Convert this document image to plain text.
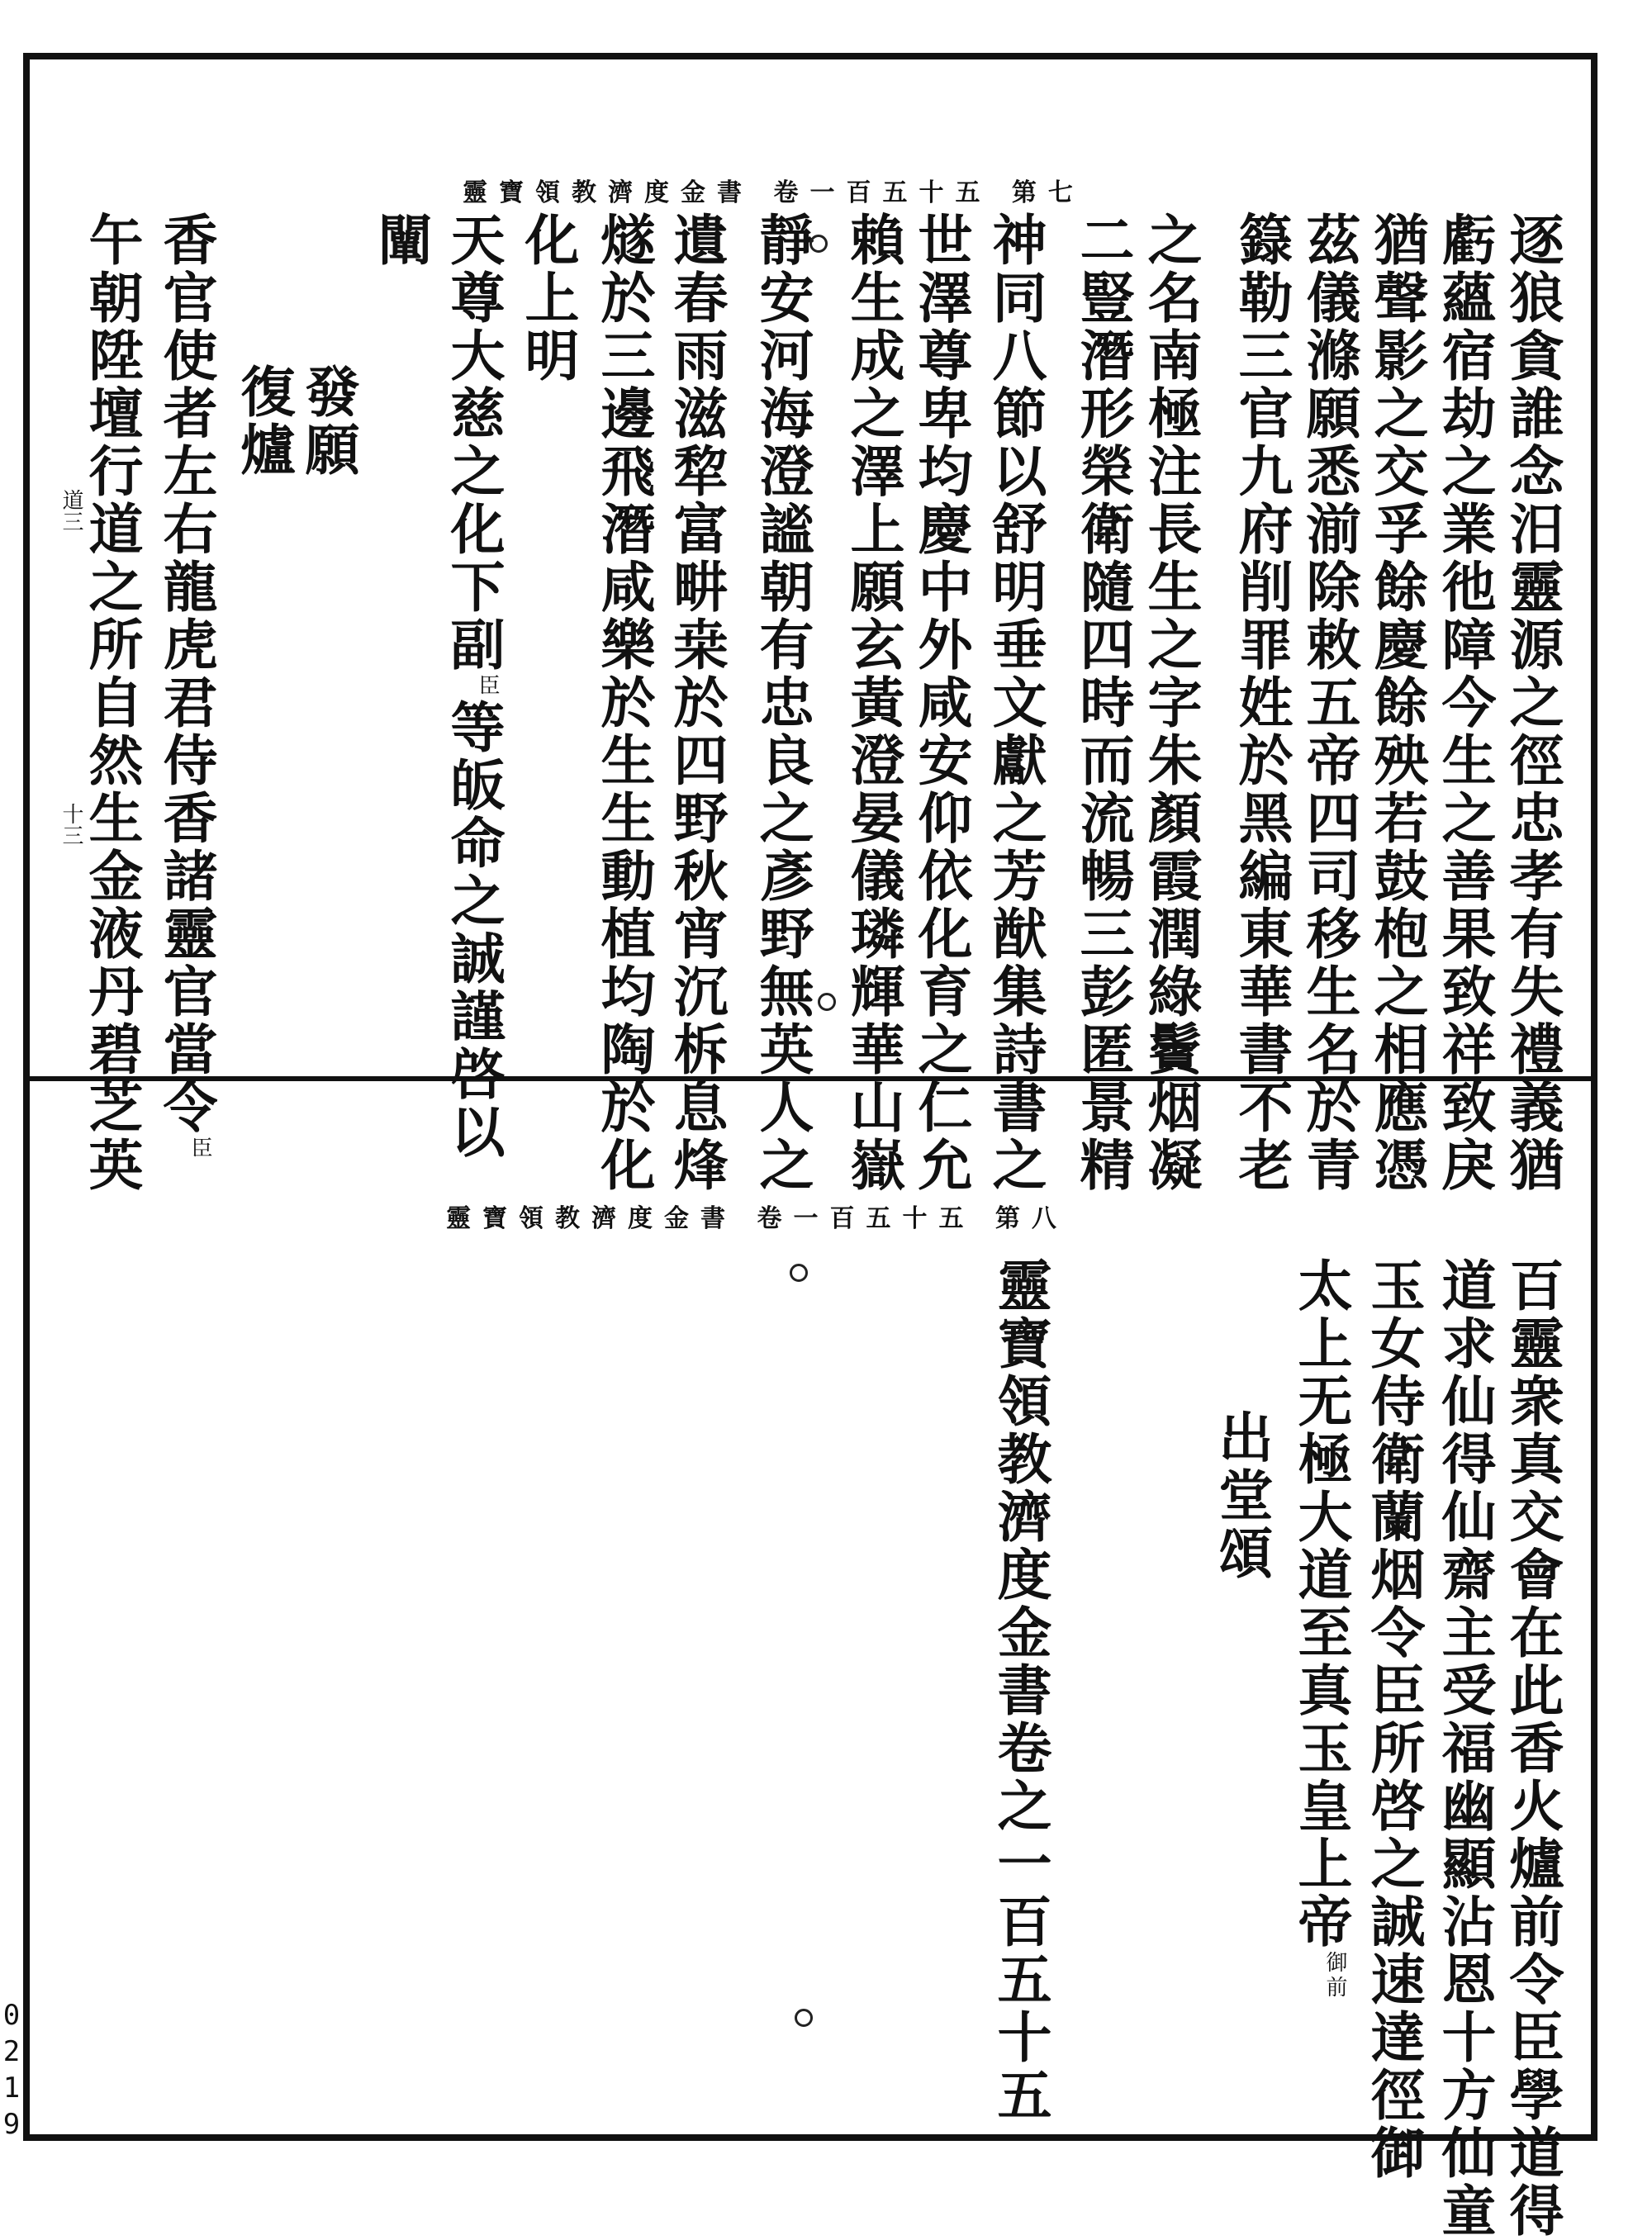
靈寶領教濟度金書 卷一百五十五 第七
逐狼貪誰念汨靈源之徑忠孝有失禮義猶
虧蘊宿劫之業彵障今生之善果致祥致戾
猶聲影之交孚餘慶餘殃若鼓枹之相應憑
茲儀滌願悉湔除敕五帝四司移生名於青
籙勒三官九府削罪姓於黑編東華書不老
之名南極注長生之字朱顏霞潤綠鬢烟凝
二豎潛形榮衛隨四時而流暢三彭匿景精
神同八節以舒明垂文獻之芳猷集詩書之
世澤尊卑均慶中外咸安仰依化育之仁允
賴生成之澤上願玄黃澄晏儀璘輝華山嶽
靜安河海澄謐朝有忠良之彥野無英人之
遺春雨滋犂富畊桒於四野秋宵沉柝息烽
燧於三邊飛潛咸樂於生生動植均陶於化
化上明
天尊大慈之化下副臣等皈命之誠謹啓以
闡
發願
復爐
香官使者左右龍虎君侍香諸靈官當令臣
午朝陞壇行道之所自然生金液丹碧芝英
道三
十三
靈寶領教濟度金書 卷一百五十五 第八
百靈衆真交會在此香火爐前令臣學道得
道求仙得仙齋主受福幽顯沾恩十方仙童
玉女侍衛蘭烟令臣所啓之誠速達徑御
太上无極大道至真玉皇上帝御前
出堂頌
靈寶領教濟度金書卷之一百五十五
0219
